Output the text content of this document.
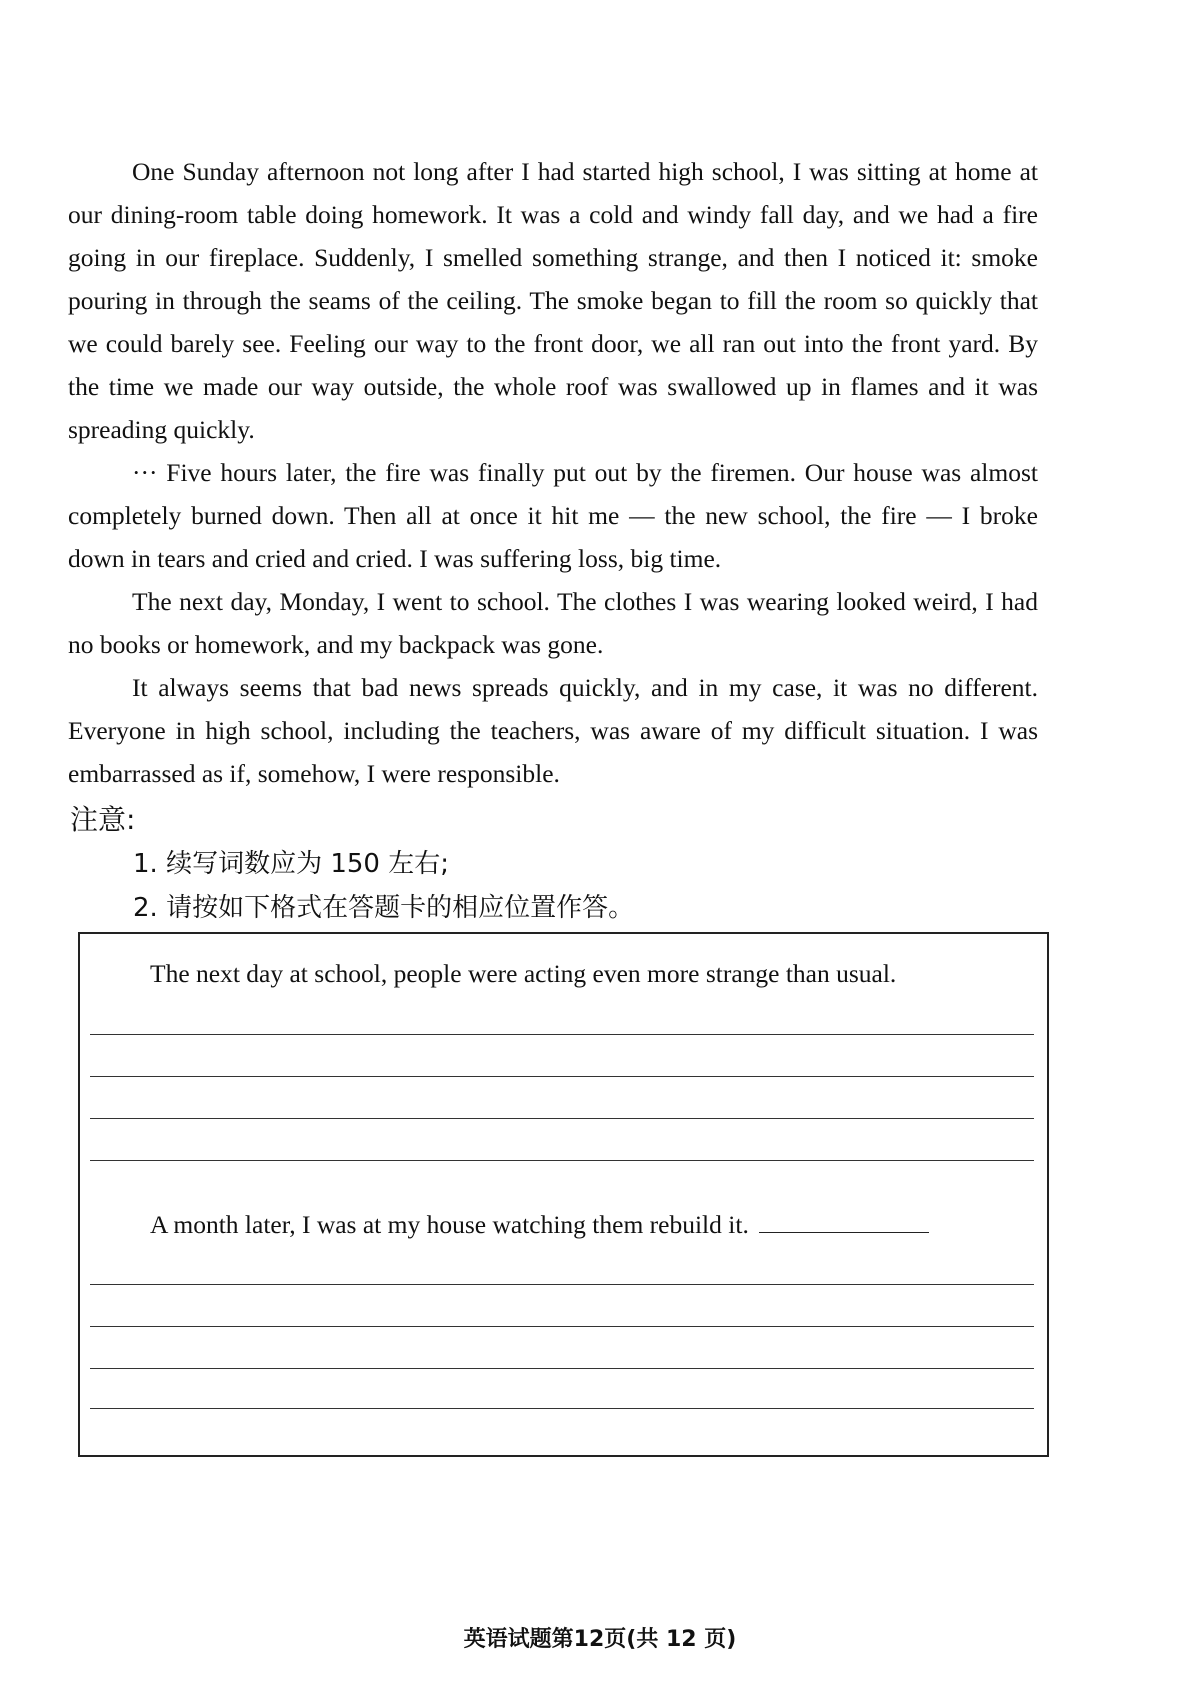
One Sunday afternoon not long after I had started high school, I was sitting at home at our dining-room table doing homework. It was a cold and windy fall day, and we had a fire going in our fireplace. Suddenly, I smelled something strange, and then I noticed it: smoke pouring in through the seams of the ceiling. The smoke began to fill the room so quickly that we could barely see. Feeling our way to the front door, we all ran out into the front yard. By the time we made our way outside, the whole roof was swallowed up in flames and it was spreading quickly.

··· Five hours later, the fire was finally put out by the firemen. Our house was almost completely burned down. Then all at once it hit me — the new school, the fire — I broke down in tears and cried and cried. I was suffering loss, big time.

The next day, Monday, I went to school. The clothes I was wearing looked weird, I had no books or homework, and my backpack was gone.

It always seems that bad news spreads quickly, and in my case, it was no different. Everyone in high school, including the teachers, was aware of my difficult situation. I was embarrassed as if, somehow, I were responsible.

注意:
1. 续写词数应为 150 左右;
2. 请按如下格式在答题卡的相应位置作答。
The next day at school, people were acting even more strange than usual.
A month later, I was at my house watching them rebuild it.
英语试题第12页(共 12 页)
